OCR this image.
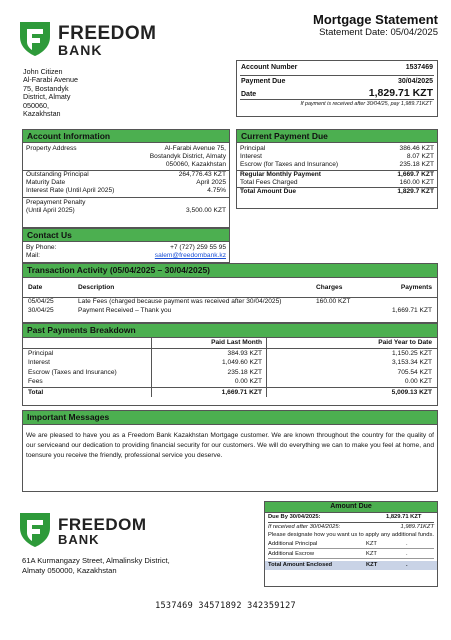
FREEDOM
BANK
Mortgage Statement
Statement Date: 05/04/2025
John Citizen
Al-Farabi Avenue
75, Bostandyk
District, Almaty
050060,
Kazakhstan
Account Number	1537469
Payment Due	30/04/2025
Date	1,829.71 KZT
If payment is received after 30/04/25, pay 1,989.71KZT
Account Information
Property Address	Al-Farabi Avenue 75,
Bostandyk District, Almaty
050060, Kazakhstan
Outstanding Principal	264,776.43 KZT
Maturity Date	April 2025
Interest Rate (Until April 2025)	4.75%
Prepayment Penalty
(Until April 2025)	3,500.00 KZT
Current Payment Due
Principal	386.46 KZT
Interest	8.07 KZT
Escrow (for Taxes and Insurance)	235.18 KZT
Regular Monthly Payment	1,669.7 KZT
Total Fees Charged	160.00 KZT
Total Amount Due	1,829.7 KZT
Contact Us
By Phone:	+7 (727) 259 55 95
Mail:	salem@freedombank.kz
Transaction Activity (05/04/2025 – 30/04/2025)
Date	Description	Charges	Payments
05/04/25	Late Fees (charged because payment was received after 30/04/2025)	160.00 KZT	
30/04/25	Payment Received – Thank you		1,669.71 KZT
Past Payments Breakdown
	Paid Last Month	Paid Year to Date
Principal	384.93 KZT	1,150.25 KZT
Interest	1,049.60 KZT	3,153.34 KZT
Escrow (Taxes and Insurance)	235.18 KZT	705.54 KZT
Fees	0.00 KZT	0.00 KZT
Total	1,669.71 KZT	5,009.13 KZT
Important Messages
We are pleased to have you as a Freedom Bank Kazakhstan Mortgage customer. We are known throughout the country for the quality of our serviceand our dedication to providing financial security for our customers. We will do everything we can to make you feel at home, and toensure you receive the friendly, professional service you deserve.
FREEDOM
BANK
61A Kurmangazy Street, Almalinsky District,
Almaty 050000, Kazakhstan
Amount Due
Due By 30/04/2025:	1,829.71 KZT
If received after 30/04/2025:	1,989.71KZT
Please designate how you want us to apply any additional funds.
Additional Principal	KZT	.
Additional Escrow	KZT	.
Total Amount Enclosed	KZT	.
1537469 34571892 342359127
